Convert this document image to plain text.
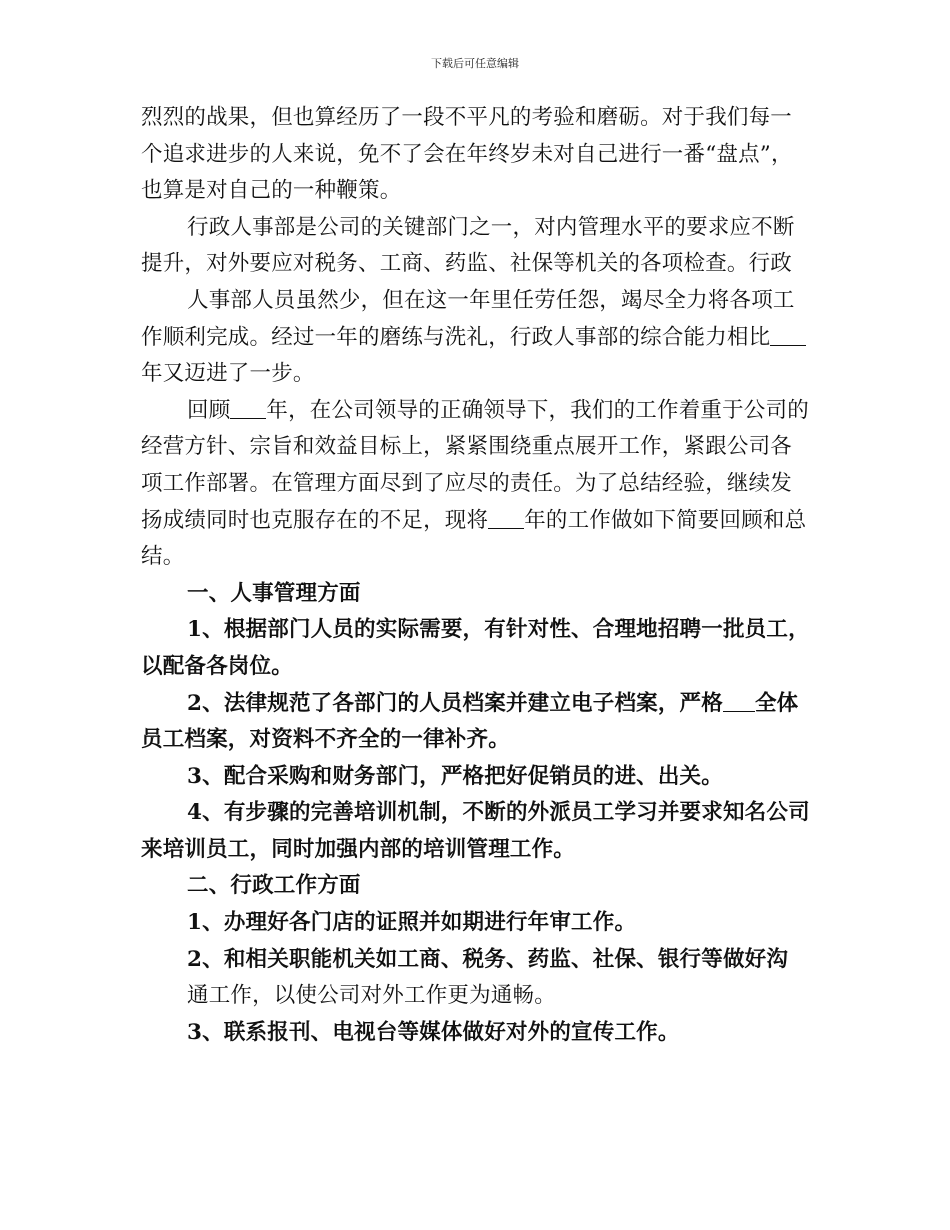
下载后可任意编辑
烈烈的战果，但也算经历了一段不平凡的考验和磨砺。对于我们每一
个追求进步的人来说，免不了会在年终岁未对自己进行一番“盘点”，
也算是对自己的一种鞭策。
行政人事部是公司的关键部门之一，对内管理水平的要求应不断
提升，对外要应对税务、工商、药监、社保等机关的各项检查。行政
人事部人员虽然少，但在这一年里任劳任怨，竭尽全力将各项工
作顺利完成。经过一年的磨练与洗礼，行政人事部的综合能力相比
年又迈进了一步。
回顾 年，在公司领导的正确领导下，我们的工作着重于公司的
经营方针、宗旨和效益目标上，紧紧围绕重点展开工作，紧跟公司各
项工作部署。在管理方面尽到了应尽的责任。为了总结经验，继续发
扬成绩同时也克服存在的不足，现将 年的工作做如下简要回顾和总
结。
一、人事管理方面
1、根据部门人员的实际需要，有针对性、合理地招聘一批员工，
以配备各岗位。
2、法律规范了各部门的人员档案并建立电子档案，严格 全体
员工档案，对资料不齐全的一律补齐。
3、配合采购和财务部门，严格把好促销员的进、出关。
4、有步骤的完善培训机制，不断的外派员工学习并要求知名公司
来培训员工，同时加强内部的培训管理工作。
二、行政工作方面
1、办理好各门店的证照并如期进行年审工作。
2、和相关职能机关如工商、税务、药监、社保、银行等做好沟
通工作，以使公司对外工作更为通畅。
3、联系报刊、电视台等媒体做好对外的宣传工作。
